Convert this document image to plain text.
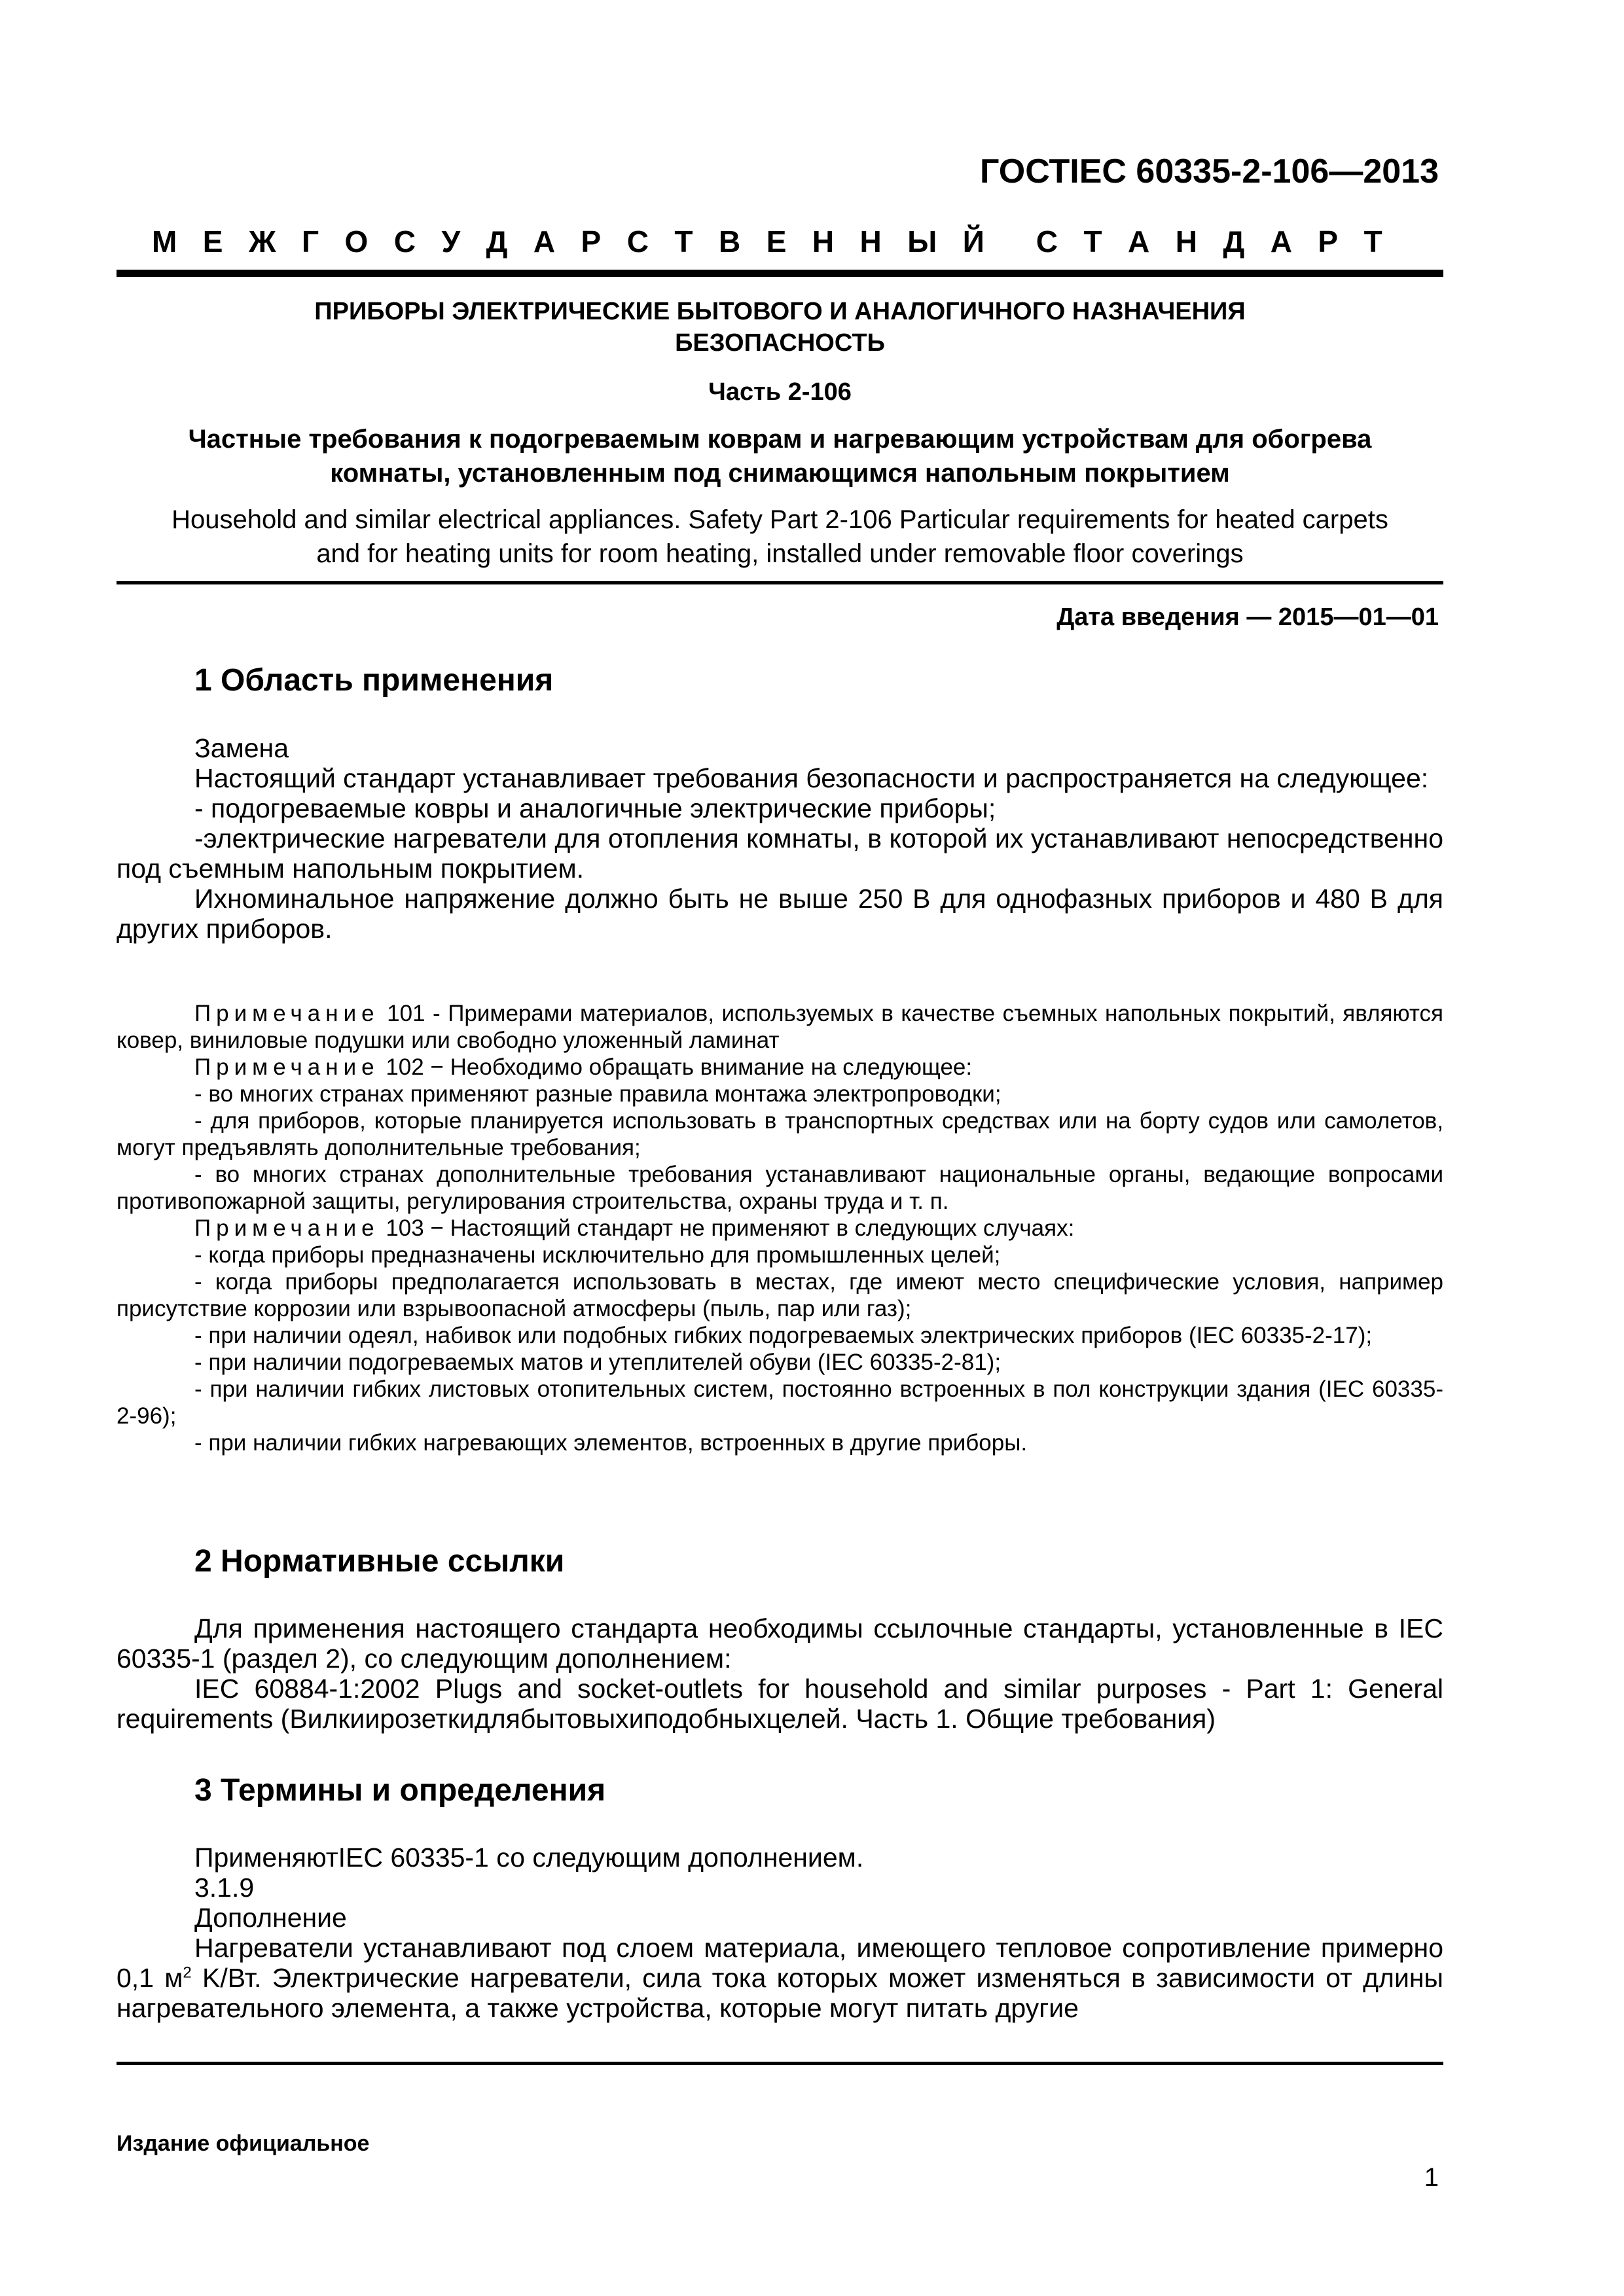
ГОСТIEC 60335-2-106—2013
М Е Ж Г О С У Д А Р С Т В Е Н Н Ы Й С Т А Н Д А Р Т
ПРИБОРЫ ЭЛЕКТРИЧЕСКИЕ БЫТОВОГО И АНАЛОГИЧНОГО НАЗНАЧЕНИЯ
БЕЗОПАСНОСТЬ
Часть 2-106
Частные требования к подогреваемым коврам и нагревающим устройствам для обогрева
комнаты, установленным под снимающимся напольным покрытием
Household and similar electrical appliances. Safety Part 2-106 Particular requirements for heated carpets
and for heating units for room heating, installed under removable floor coverings
Дата введения — 2015—01—01
1 Область применения

Замена

Настоящий стандарт устанавливает требования безопасности и распространяется на следующее:

- подогреваемые ковры и аналогичные электрические приборы;

-электрические нагреватели для отопления комнаты, в которой их устанавливают непосредственно под съемным напольным покрытием.

Ихноминальное напряжение должно быть не выше 250 В для однофазных приборов и 480 В для других приборов.

Примечание 101 - Примерами материалов, используемых в качестве съемных напольных покрытий, являются ковер, виниловые подушки или свободно уложенный ламинат

Примечание 102 − Необходимо обращать внимание на следующее:

- во многих странах применяют разные правила монтажа электропроводки;

- для приборов, которые планируется использовать в транспортных средствах или на борту судов или самолетов, могут предъявлять дополнительные требования;

- во многих странах дополнительные требования устанавливают национальные органы, ведающие вопросами противопожарной защиты, регулирования строительства, охраны труда и т. п.

Примечание 103 − Настоящий стандарт не применяют в следующих случаях:

- когда приборы предназначены исключительно для промышленных целей;

- когда приборы предполагается использовать в местах, где имеют место специфические условия, например присутствие коррозии или взрывоопасной атмосферы (пыль, пар или газ);

- при наличии одеял, набивок или подобных гибких подогреваемых электрических приборов (IEC 60335-2-17);

- при наличии подогреваемых матов и утеплителей обуви (IEC 60335-2-81);

- при наличии гибких листовых отопительных систем, постоянно встроенных в пол конструкции здания (IEC 60335-2-96);

- при наличии гибких нагревающих элементов, встроенных в другие приборы.

2 Нормативные ссылки

Для применения настоящего стандарта необходимы ссылочные стандарты, установленные в IEC 60335-1 (раздел 2), со следующим дополнением:

IEC 60884-1:2002 Plugs and socket-outlets for household and similar purposes - Part 1: General requirements (Вилкиирозеткидлябытовыхиподобныхцелей. Часть 1. Общие требования)

3 Термины и определения

ПрименяютIEC 60335-1 со следующим дополнением.

3.1.9

Дополнение

Нагреватели устанавливают под слоем материала, имеющего тепловое сопротивление примерно 0,1 $м^2$ K/Вт. Электрические нагреватели, сила тока которых может изменяться в зависимости от длины нагревательного элемента, а также устройства, которые могут питать другие

Издание официальное
1
